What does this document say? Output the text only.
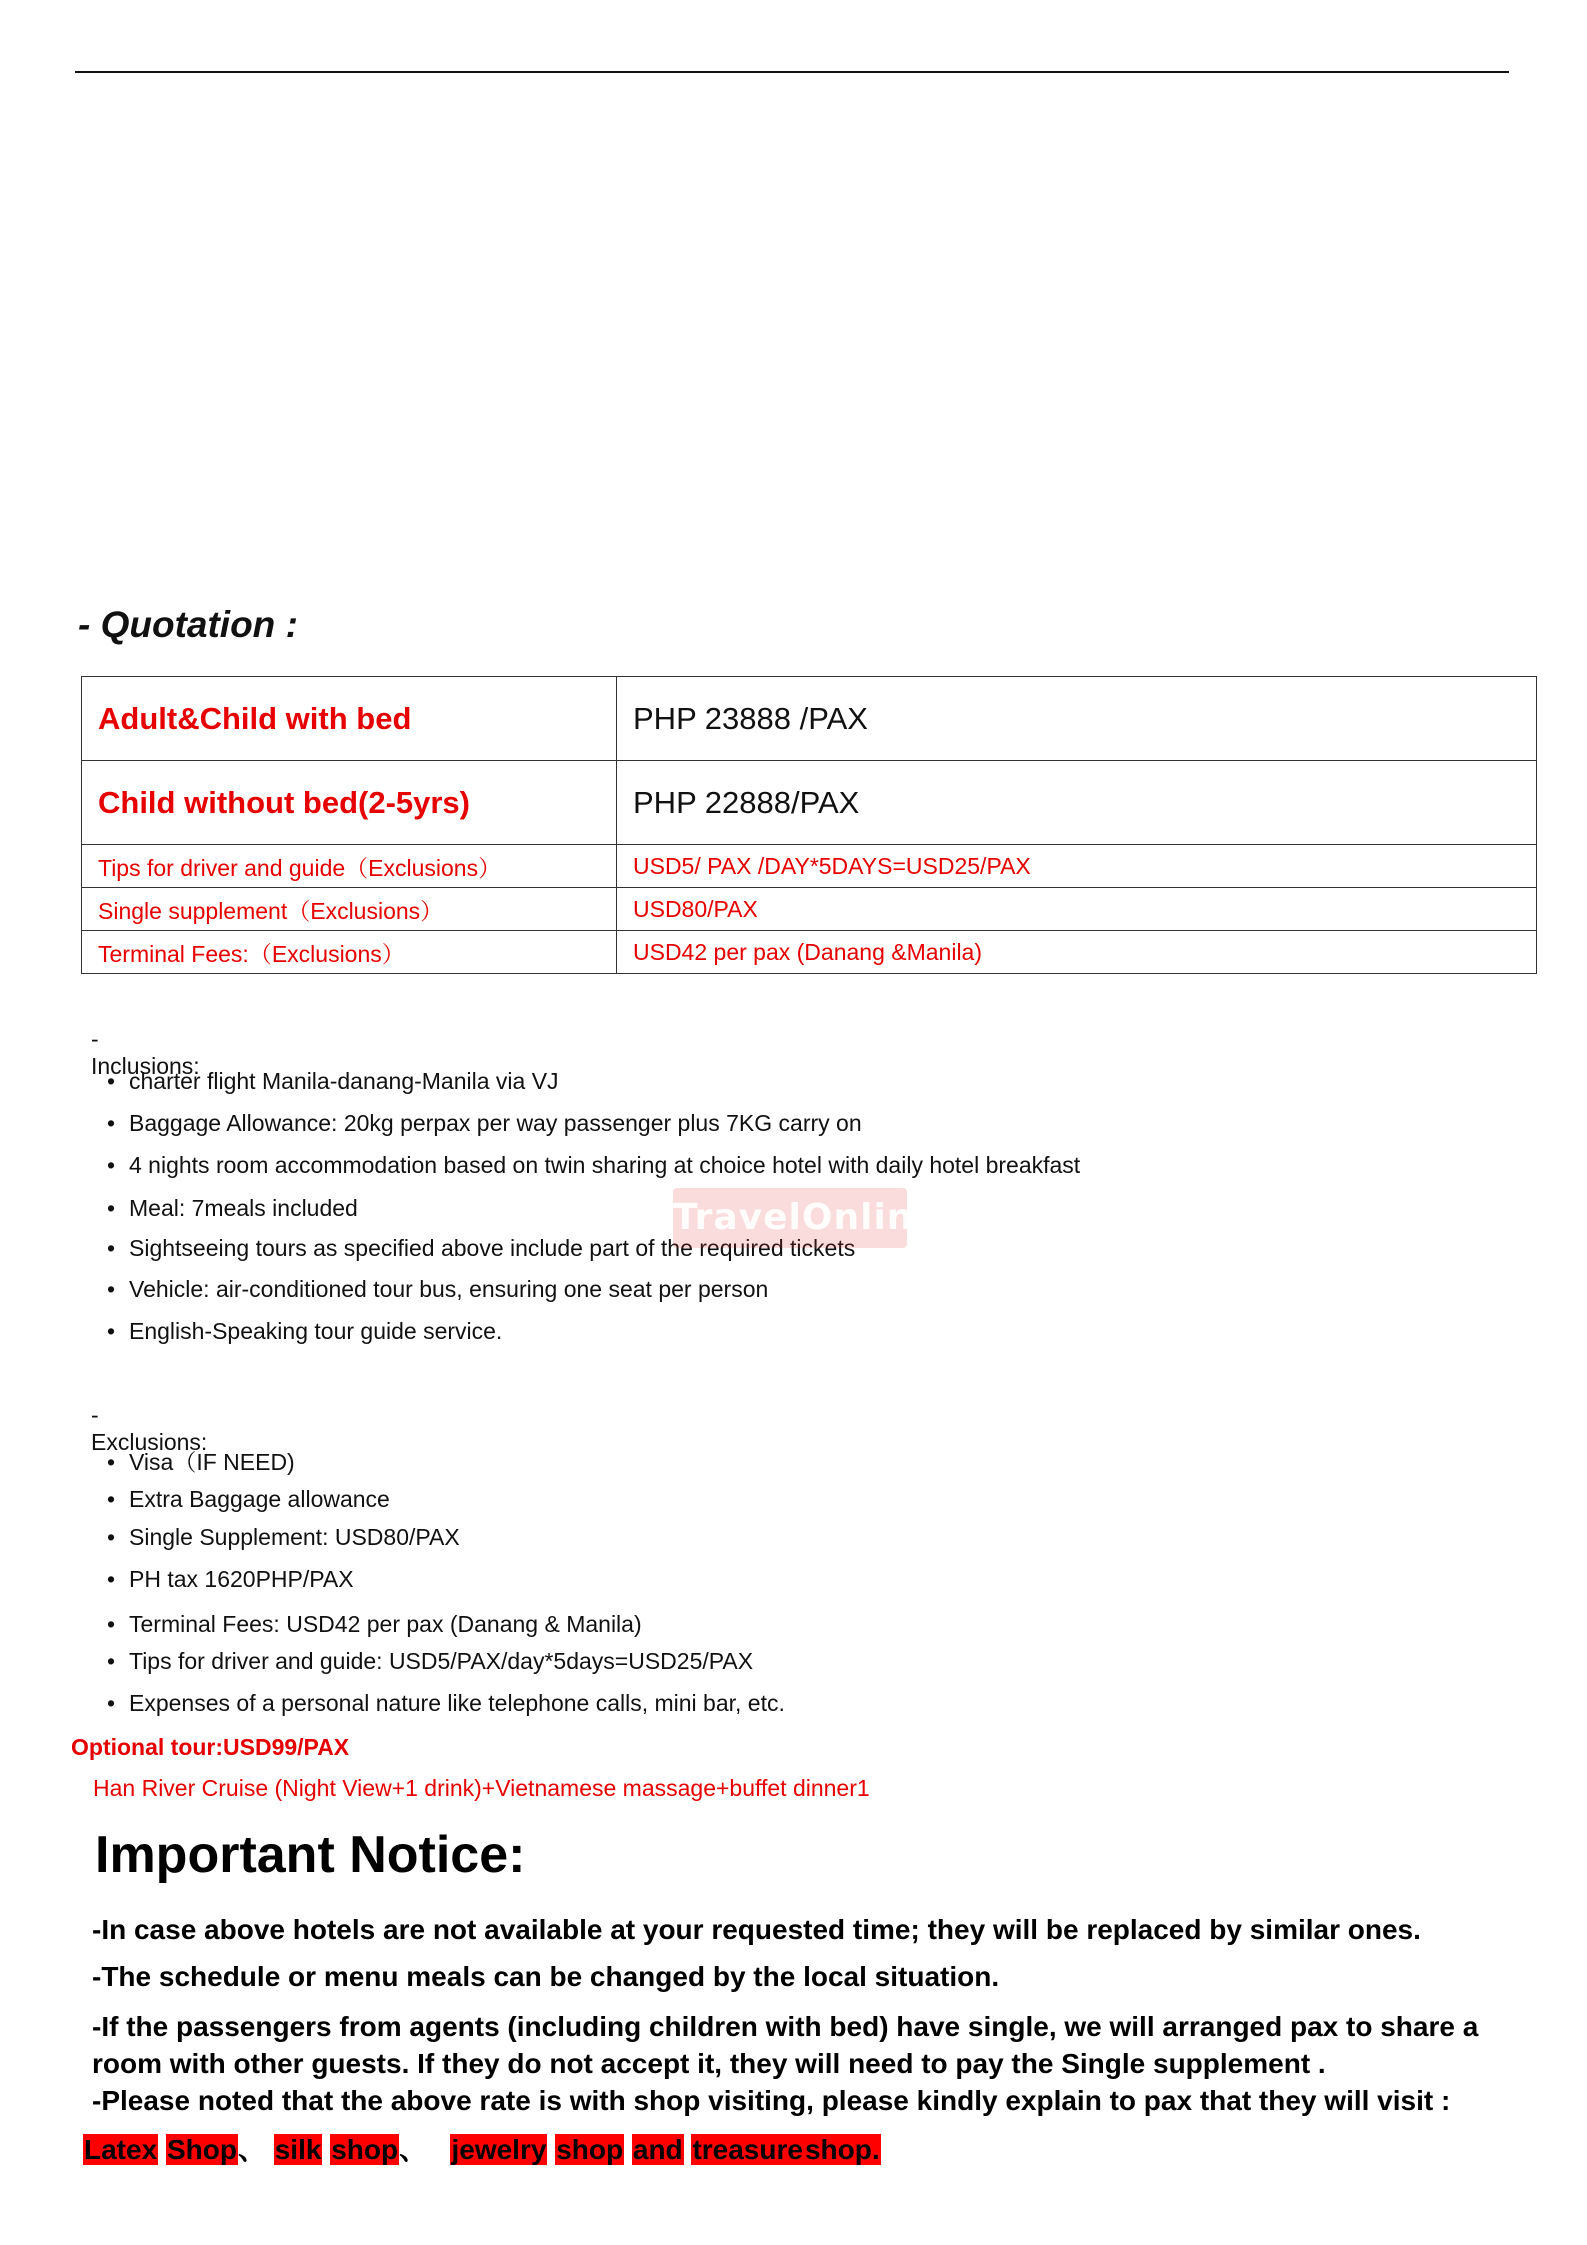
- Quotation :
Adult&Child with bed	PHP 23888 /PAX
Child without bed(2-5yrs)	PHP 22888/PAX
Tips for driver and guide（Exclusions）	USD5/ PAX /DAY*5DAYS=USD25/PAX
Single supplement（Exclusions）	USD80/PAX
Terminal Fees:（Exclusions）	USD42 per pax (Danang &Manila)
-Inclusions:
• charter flight Manila-danang-Manila via VJ
• Baggage Allowance: 20kg perpax per way passenger plus 7KG carry on
• 4 nights room accommodation based on twin sharing at choice hotel with daily hotel breakfast
• Meal: 7meals included
• Sightseeing tours as specified above include part of the required tickets
• Vehicle: air-conditioned tour bus, ensuring one seat per person
• English-Speaking tour guide service.
TravelOnline
-Exclusions:
• Visa（IF NEED)
• Extra Baggage allowance
• Single Supplement: USD80/PAX
• PH tax 1620PHP/PAX
• Terminal Fees: USD42 per pax (Danang & Manila)
• Tips for driver and guide: USD5/PAX/day*5days=USD25/PAX
• Expenses of a personal nature like telephone calls, mini bar, etc.
Optional tour:USD99/PAX
Han River Cruise (Night View+1 drink)+Vietnamese massage+buffet dinner1
Important Notice:
-In case above hotels are not available at your requested time; they will be replaced by similar ones.
-The schedule or menu meals can be changed by the local situation.
-If the passengers from agents (including children with bed) have single, we will arranged pax to share a room with other guests. If they do not accept it, they will need to pay the Single supplement .
-Please noted that the above rate is with shop visiting, please kindly explain to pax that they will visit :
Latex Shop、 silk shop、 jewelry shop and treasureshop.
